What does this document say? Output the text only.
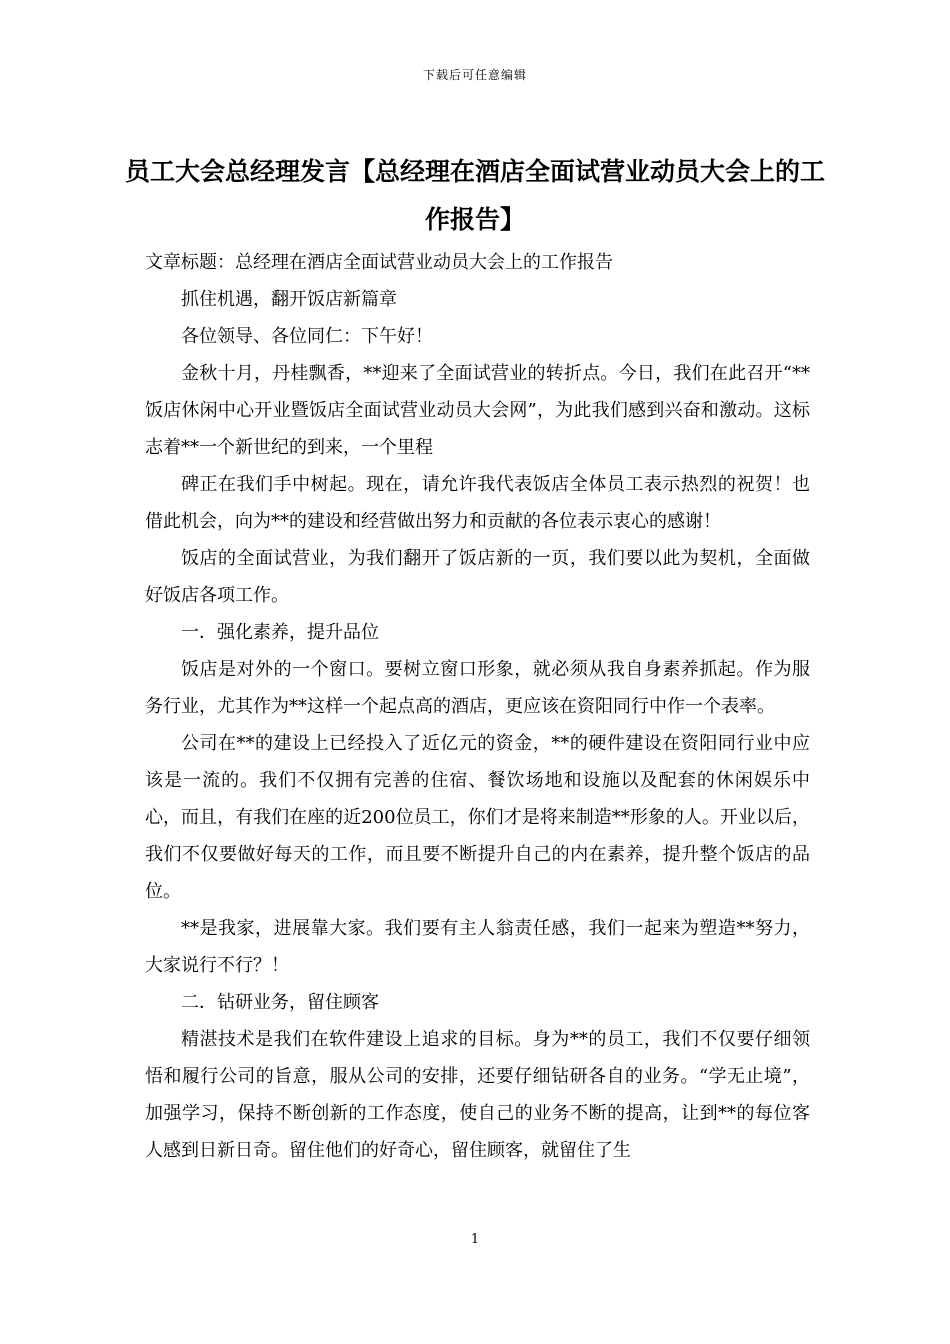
下载后可任意编辑
员工大会总经理发言【总经理在酒店全面试营业动员大会上的工作报告】

文章标题：总经理在酒店全面试营业动员大会上的工作报告

抓住机遇，翻开饭店新篇章

各位领导、各位同仁：下午好！

金秋十月，丹桂飘香，**迎来了全面试营业的转折点。今日，我们在此召开“**饭店休闲中心开业暨饭店全面试营业动员大会网”，为此我们感到兴奋和激动。这标志着**一个新世纪的到来，一个里程

碑正在我们手中树起。现在，请允许我代表饭店全体员工表示热烈的祝贺！也借此机会，向为**的建设和经营做出努力和贡献的各位表示衷心的感谢！

饭店的全面试营业，为我们翻开了饭店新的一页，我们要以此为契机，全面做好饭店各项工作。

一．强化素养，提升品位

饭店是对外的一个窗口。要树立窗口形象，就必须从我自身素养抓起。作为服务行业，尤其作为**这样一个起点高的酒店，更应该在资阳同行中作一个表率。

公司在**的建设上已经投入了近亿元的资金，**的硬件建设在资阳同行业中应该是一流的。我们不仅拥有完善的住宿、餐饮场地和设施以及配套的休闲娱乐中心，而且，有我们在座的近200位员工，你们才是将来制造**形象的人。开业以后，我们不仅要做好每天的工作，而且要不断提升自己的内在素养，提升整个饭店的品位。

**是我家，进展靠大家。我们要有主人翁责任感，我们一起来为塑造**努力，大家说行不行？！

二．钻研业务，留住顾客

精湛技术是我们在软件建设上追求的目标。身为**的员工，我们不仅要仔细领悟和履行公司的旨意，服从公司的安排，还要仔细钻研各自的业务。“学无止境”，加强学习，保持不断创新的工作态度，使自己的业务不断的提高，让到**的每位客人感到日新日奇。留住他们的好奇心，留住顾客，就留住了生

1
